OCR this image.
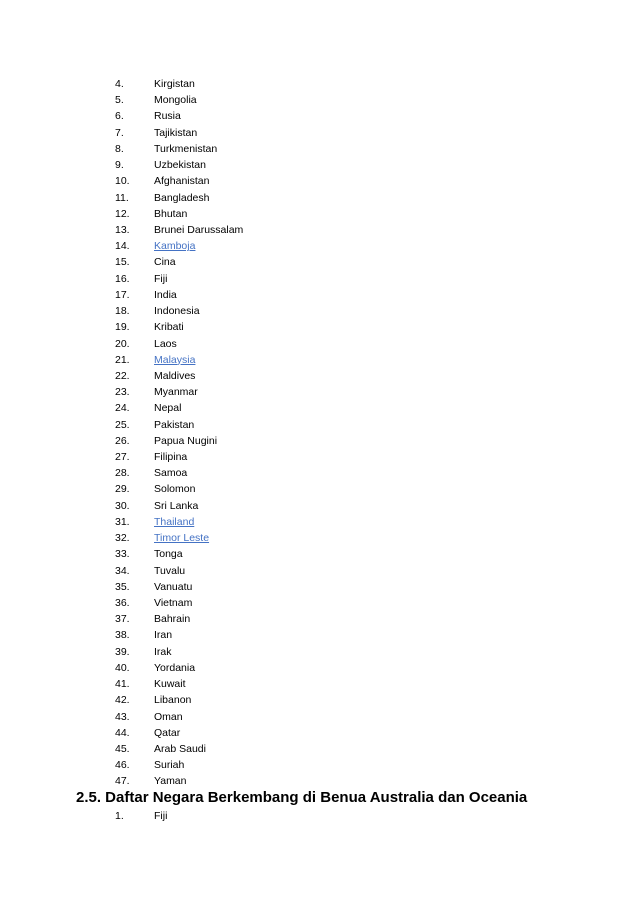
4.	Kirgistan
5.	Mongolia
6.	Rusia
7.	Tajikistan
8.	Turkmenistan
9.	Uzbekistan
10. Afghanistan
11. Bangladesh
12. Bhutan
13. Brunei Darussalam
14. Kamboja
15. Cina
16. Fiji
17. India
18. Indonesia
19. Kribati
20. Laos
21. Malaysia
22. Maldives
23. Myanmar
24. Nepal
25. Pakistan
26. Papua Nugini
27. Filipina
28. Samoa
29. Solomon
30. Sri Lanka
31. Thailand
32. Timor Leste
33. Tonga
34. Tuvalu
35. Vanuatu
36. Vietnam
37. Bahrain
38. Iran
39. Irak
40. Yordania
41. Kuwait
42. Libanon
43. Oman
44. Qatar
45. Arab Saudi
46. Suriah
47. Yaman
2.5. Daftar Negara Berkembang di Benua Australia dan Oceania
1.	Fiji
